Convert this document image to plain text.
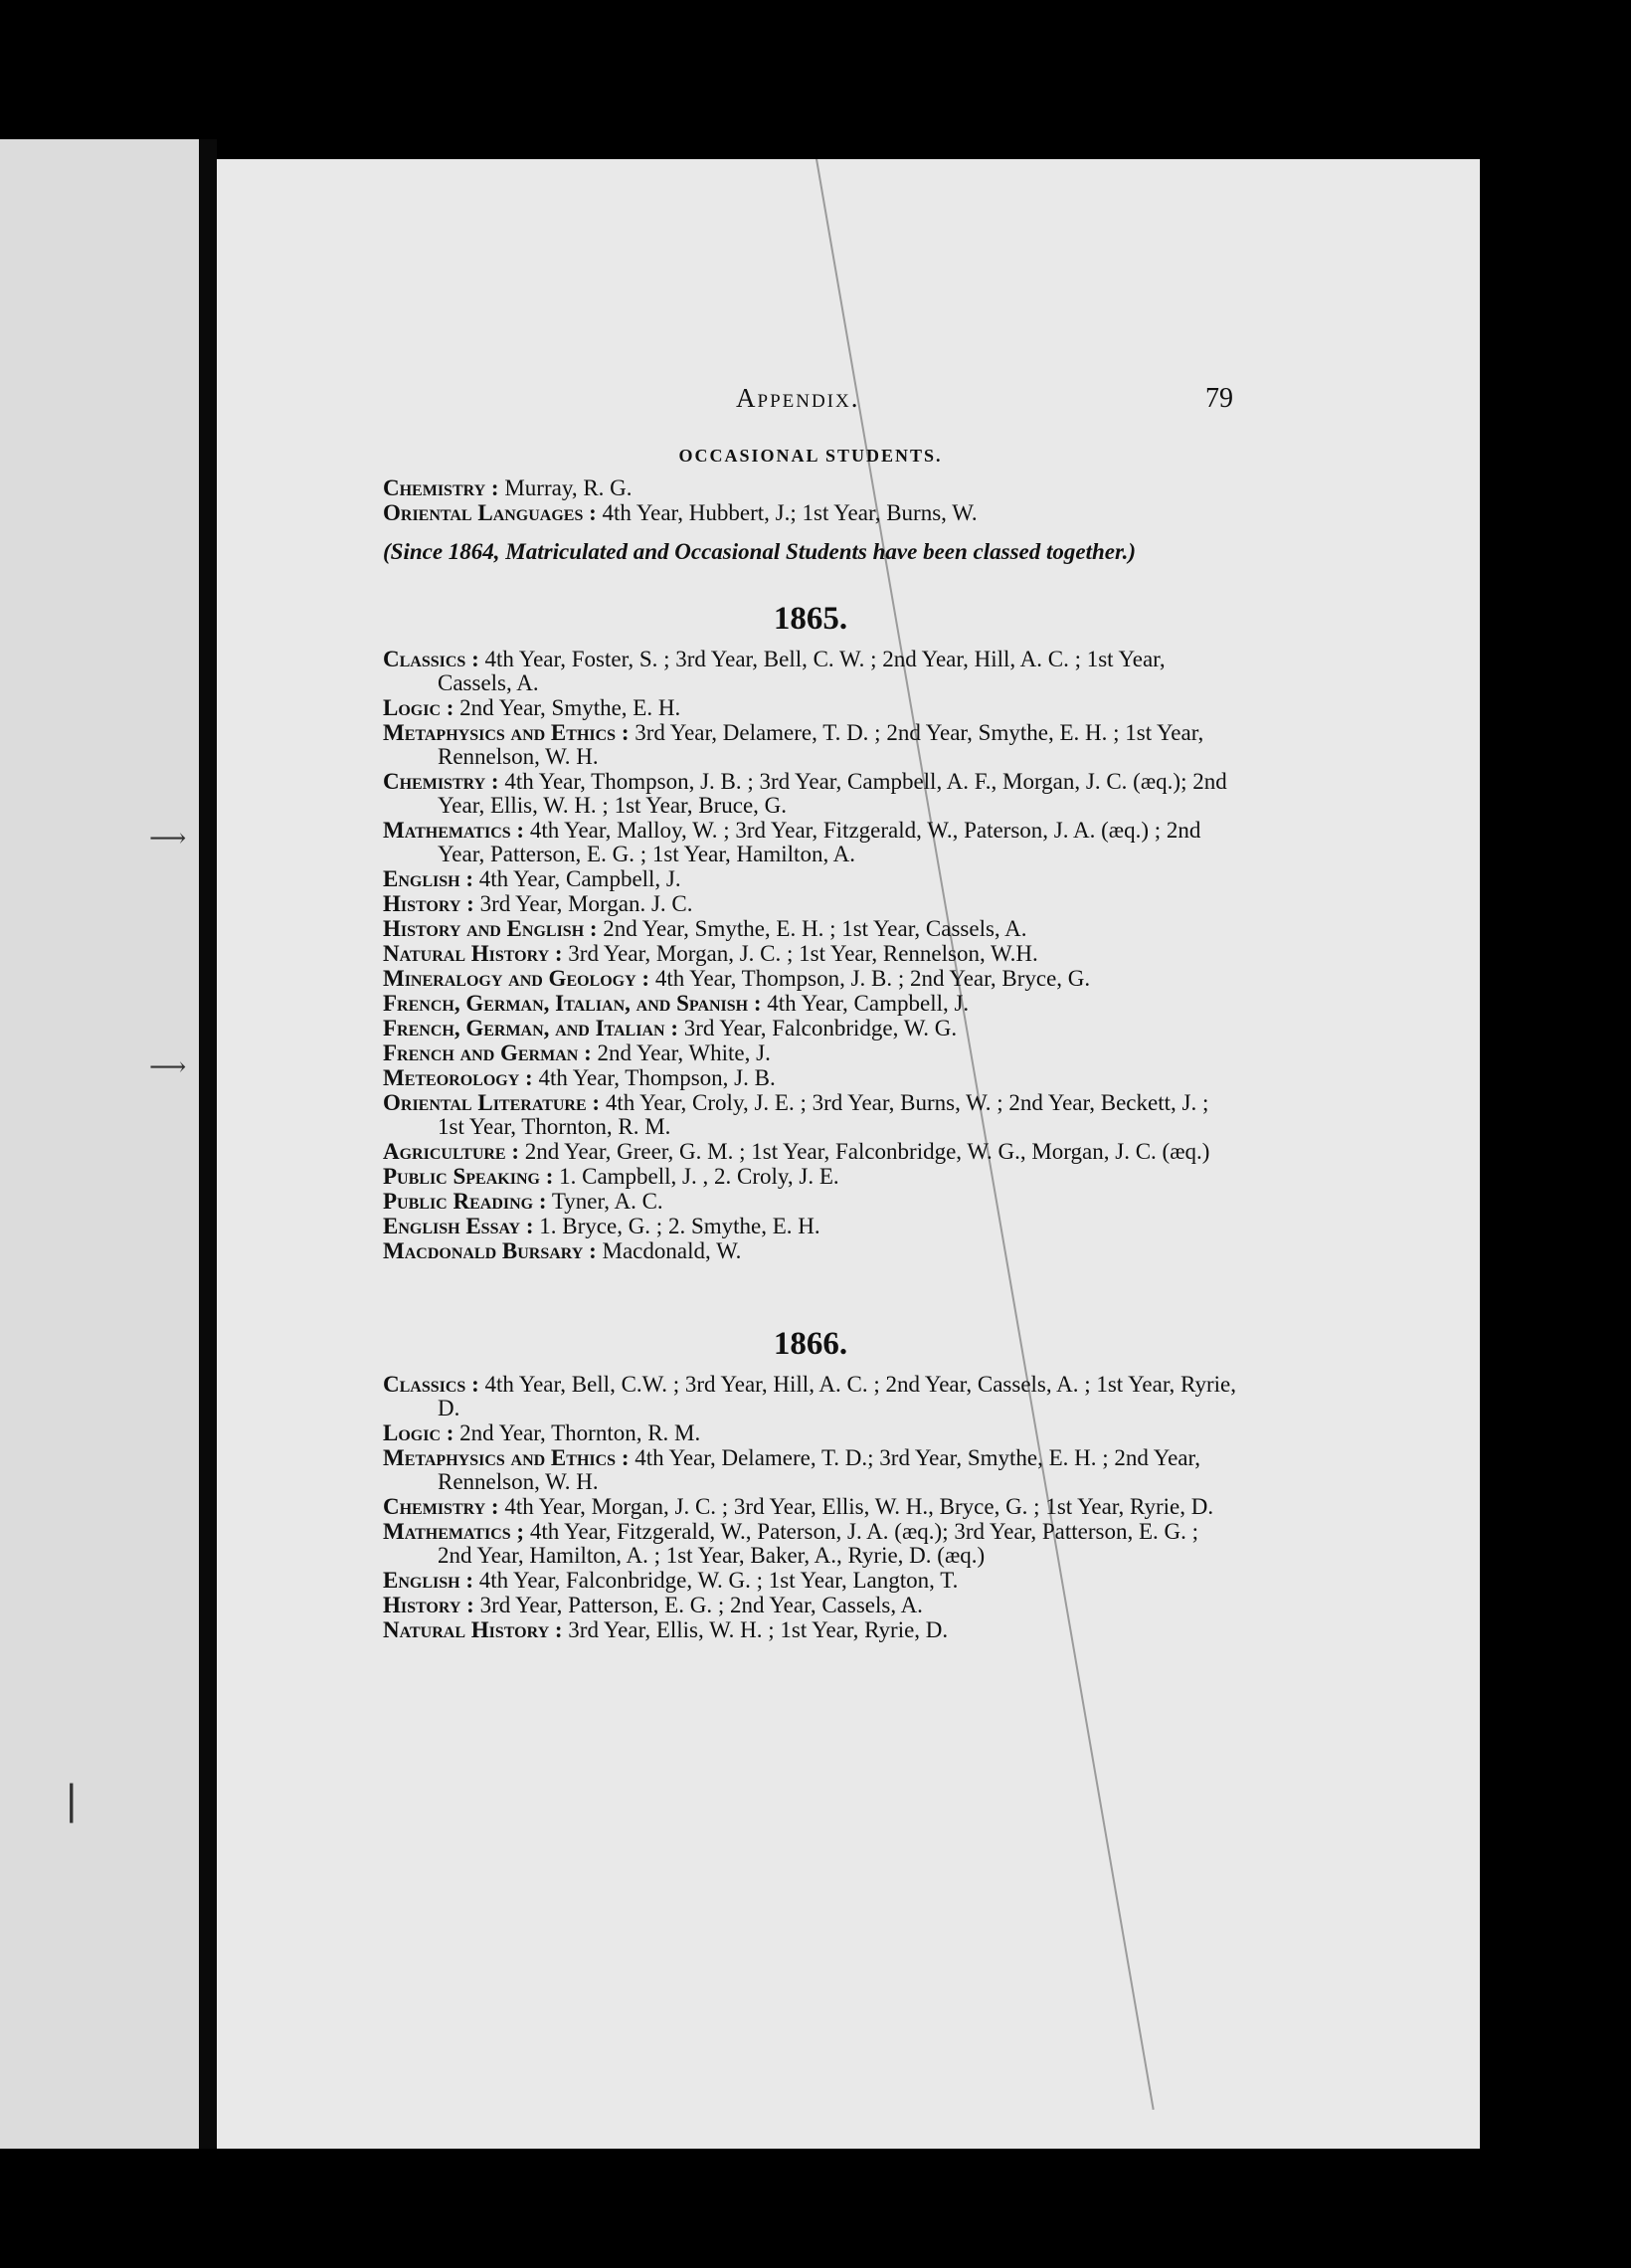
⟶
⟶
❘
Appendix.	79
OCCASIONAL STUDENTS.
Chemistry : Murray, R. G.
Oriental Languages : 4th Year, Hubbert, J.; 1st Year, Burns, W.
(Since 1864, Matriculated and Occasional Students have been classed together.)
1865.
Classics : 4th Year, Foster, S. ; 3rd Year, Bell, C. W. ; 2nd Year, Hill, A. C. ; 1st Year, Cassels, A.
Logic : 2nd Year, Smythe, E. H.
Metaphysics and Ethics : 3rd Year, Delamere, T. D. ; 2nd Year, Smythe, E. H. ; 1st Year, Rennelson, W. H.
Chemistry : 4th Year, Thompson, J. B. ; 3rd Year, Campbell, A. F., Morgan, J. C. (æq.); 2nd Year, Ellis, W. H. ; 1st Year, Bruce, G.
Mathematics : 4th Year, Malloy, W. ; 3rd Year, Fitzgerald, W., Paterson, J. A. (æq.) ; 2nd Year, Patterson, E. G. ; 1st Year, Hamilton, A.
English : 4th Year, Campbell, J.
History : 3rd Year, Morgan. J. C.
History and English : 2nd Year, Smythe, E. H. ; 1st Year, Cassels, A.
Natural History : 3rd Year, Morgan, J. C. ; 1st Year, Rennelson, W.H.
Mineralogy and Geology : 4th Year, Thompson, J. B. ; 2nd Year, Bryce, G.
French, German, Italian, and Spanish : 4th Year, Campbell, J.
French, German, and Italian : 3rd Year, Falconbridge, W. G.
French and German : 2nd Year, White, J.
Meteorology : 4th Year, Thompson, J. B.
Oriental Literature : 4th Year, Croly, J. E. ; 3rd Year, Burns, W. ; 2nd Year, Beckett, J. ; 1st Year, Thornton, R. M.
Agriculture : 2nd Year, Greer, G. M. ; 1st Year, Falconbridge, W. G., Morgan, J. C. (æq.)
Public Speaking : 1. Campbell, J. , 2. Croly, J. E.
Public Reading : Tyner, A. C.
English Essay : 1. Bryce, G. ; 2. Smythe, E. H.
Macdonald Bursary : Macdonald, W.
1866.
Classics : 4th Year, Bell, C.W. ; 3rd Year, Hill, A. C. ; 2nd Year, Cassels, A. ; 1st Year, Ryrie, D.
Logic : 2nd Year, Thornton, R. M.
Metaphysics and Ethics : 4th Year, Delamere, T. D.; 3rd Year, Smythe, E. H. ; 2nd Year, Rennelson, W. H.
Chemistry : 4th Year, Morgan, J. C. ; 3rd Year, Ellis, W. H., Bryce, G. ; 1st Year, Ryrie, D.
Mathematics ; 4th Year, Fitzgerald, W., Paterson, J. A. (æq.); 3rd Year, Patterson, E. G. ; 2nd Year, Hamilton, A. ; 1st Year, Baker, A., Ryrie, D. (æq.)
English : 4th Year, Falconbridge, W. G. ; 1st Year, Langton, T.
History : 3rd Year, Patterson, E. G. ; 2nd Year, Cassels, A.
Natural History : 3rd Year, Ellis, W. H. ; 1st Year, Ryrie, D.
